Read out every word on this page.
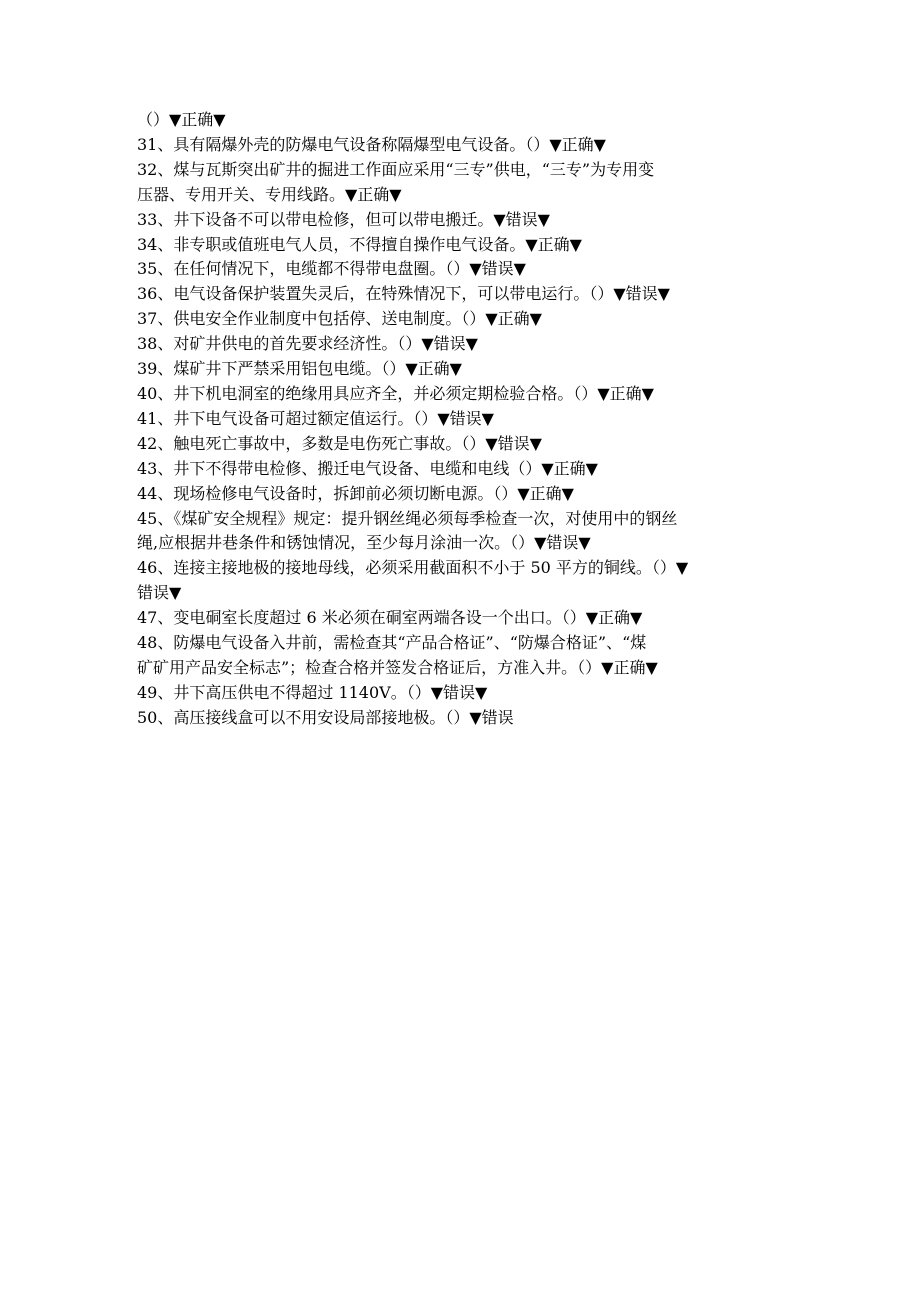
（）▼正确▼
31、具有隔爆外壳的防爆电气设备称隔爆型电气设备。（）▼正确▼
32、煤与瓦斯突出矿井的掘进工作面应采用“三专”供电，“三专”为专用变
压器、专用开关、专用线路。▼正确▼
33、井下设备不可以带电检修，但可以带电搬迁。▼错误▼
34、非专职或值班电气人员，不得擅自操作电气设备。▼正确▼
35、在任何情况下，电缆都不得带电盘圈。（）▼错误▼
36、电气设备保护装置失灵后，在特殊情况下，可以带电运行。（）▼错误▼
37、供电安全作业制度中包括停、送电制度。（）▼正确▼
38、对矿井供电的首先要求经济性。（）▼错误▼
39、煤矿井下严禁采用铝包电缆。（）▼正确▼
40、井下机电洞室的绝缘用具应齐全，并必须定期检验合格。（）▼正确▼
41、井下电气设备可超过额定值运行。（）▼错误▼
42、触电死亡事故中，多数是电伤死亡事故。（）▼错误▼
43、井下不得带电检修、搬迁电气设备、电缆和电线（）▼正确▼
44、现场检修电气设备时，拆卸前必须切断电源。（）▼正确▼
45、《煤矿安全规程》规定：提升钢丝绳必须每季检查一次，对使用中的钢丝
绳,应根据井巷条件和锈蚀情况，至少每月涂油一次。（）▼错误▼
46、连接主接地极的接地母线，必须采用截面积不小于 50 平方的铜线。（）▼
错误▼
47、变电硐室长度超过 6 米必须在硐室两端各设一个出口。（）▼正确▼
48、防爆电气设备入井前，需检查其“产品合格证”、“防爆合格证”、“煤
矿矿用产品安全标志”；检查合格并签发合格证后，方准入井。（）▼正确▼
49、井下高压供电不得超过 1140V。（）▼错误▼
50、高压接线盒可以不用安设局部接地极。（）▼错误
